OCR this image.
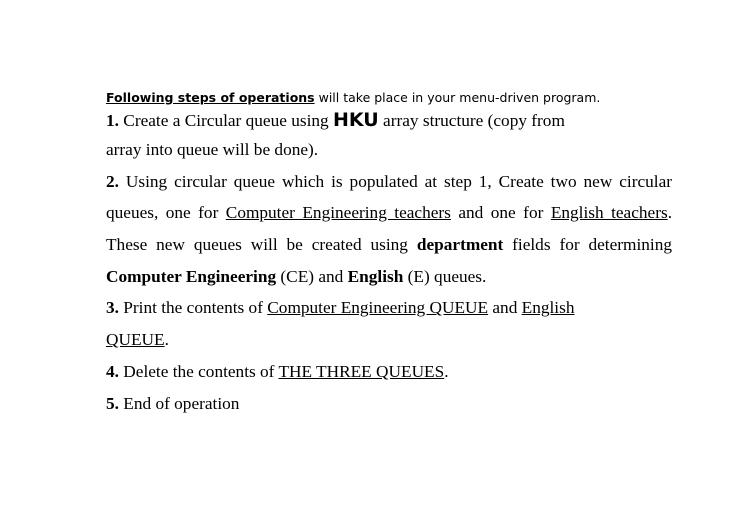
Following steps of operations will take place in your menu-driven program.
1. Create a Circular queue using HKU array structure (copy from
array into queue will be done).
2. Using circular queue which is populated at step 1, Create two new circular
queues, one for Computer Engineering teachers and one for English teachers.
These new queues will be created using department fields for determining
Computer Engineering (CE) and English (E) queues.
3. Print the contents of Computer Engineering QUEUE and English
QUEUE.
4. Delete the contents of THE THREE QUEUES.
5. End of operation
